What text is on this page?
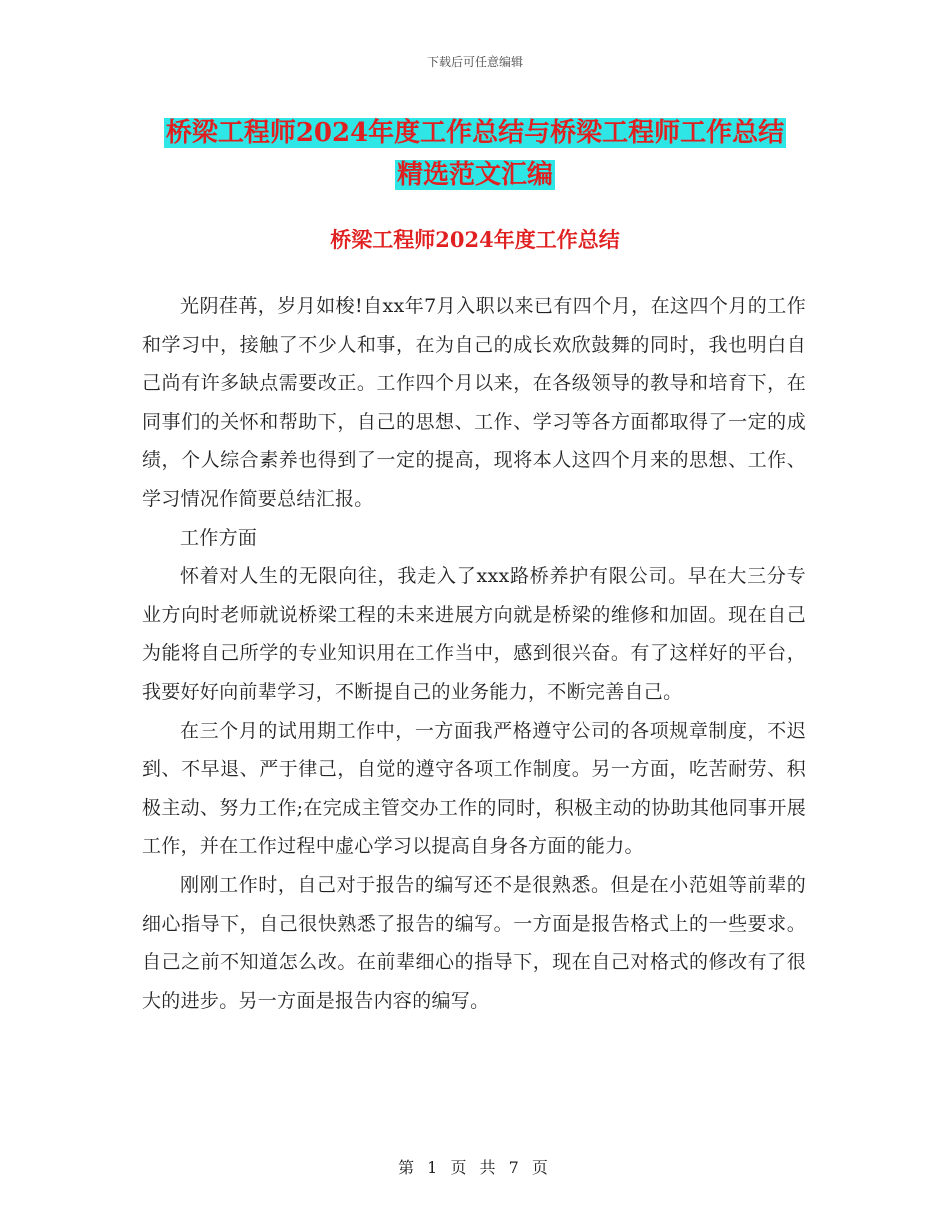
下载后可任意编辑
桥梁工程师2024年度工作总结与桥梁工程师工作总结
精选范文汇编
桥梁工程师2024年度工作总结

光阴荏苒，岁月如梭!自xx年7月入职以来已有四个月，在这四个月的工作和学习中，接触了不少人和事，在为自己的成长欢欣鼓舞的同时，我也明白自己尚有许多缺点需要改正。工作四个月以来，在各级领导的教导和培育下，在同事们的关怀和帮助下，自己的思想、工作、学习等各方面都取得了一定的成绩，个人综合素养也得到了一定的提高，现将本人这四个月来的思想、工作、学习情况作简要总结汇报。

工作方面

怀着对人生的无限向往，我走入了xxx路桥养护有限公司。早在大三分专业方向时老师就说桥梁工程的未来进展方向就是桥梁的维修和加固。现在自己为能将自己所学的专业知识用在工作当中，感到很兴奋。有了这样好的平台，我要好好向前辈学习，不断提自己的业务能力，不断完善自己。

在三个月的试用期工作中，一方面我严格遵守公司的各项规章制度，不迟到、不早退、严于律己，自觉的遵守各项工作制度。另一方面，吃苦耐劳、积极主动、努力工作;在完成主管交办工作的同时，积极主动的协助其他同事开展工作，并在工作过程中虚心学习以提高自身各方面的能力。

刚刚工作时，自己对于报告的编写还不是很熟悉。但是在小范姐等前辈的细心指导下，自己很快熟悉了报告的编写。一方面是报告格式上的一些要求。自己之前不知道怎么改。在前辈细心的指导下，现在自己对格式的修改有了很大的进步。另一方面是报告内容的编写。

第 1 页 共 7 页
